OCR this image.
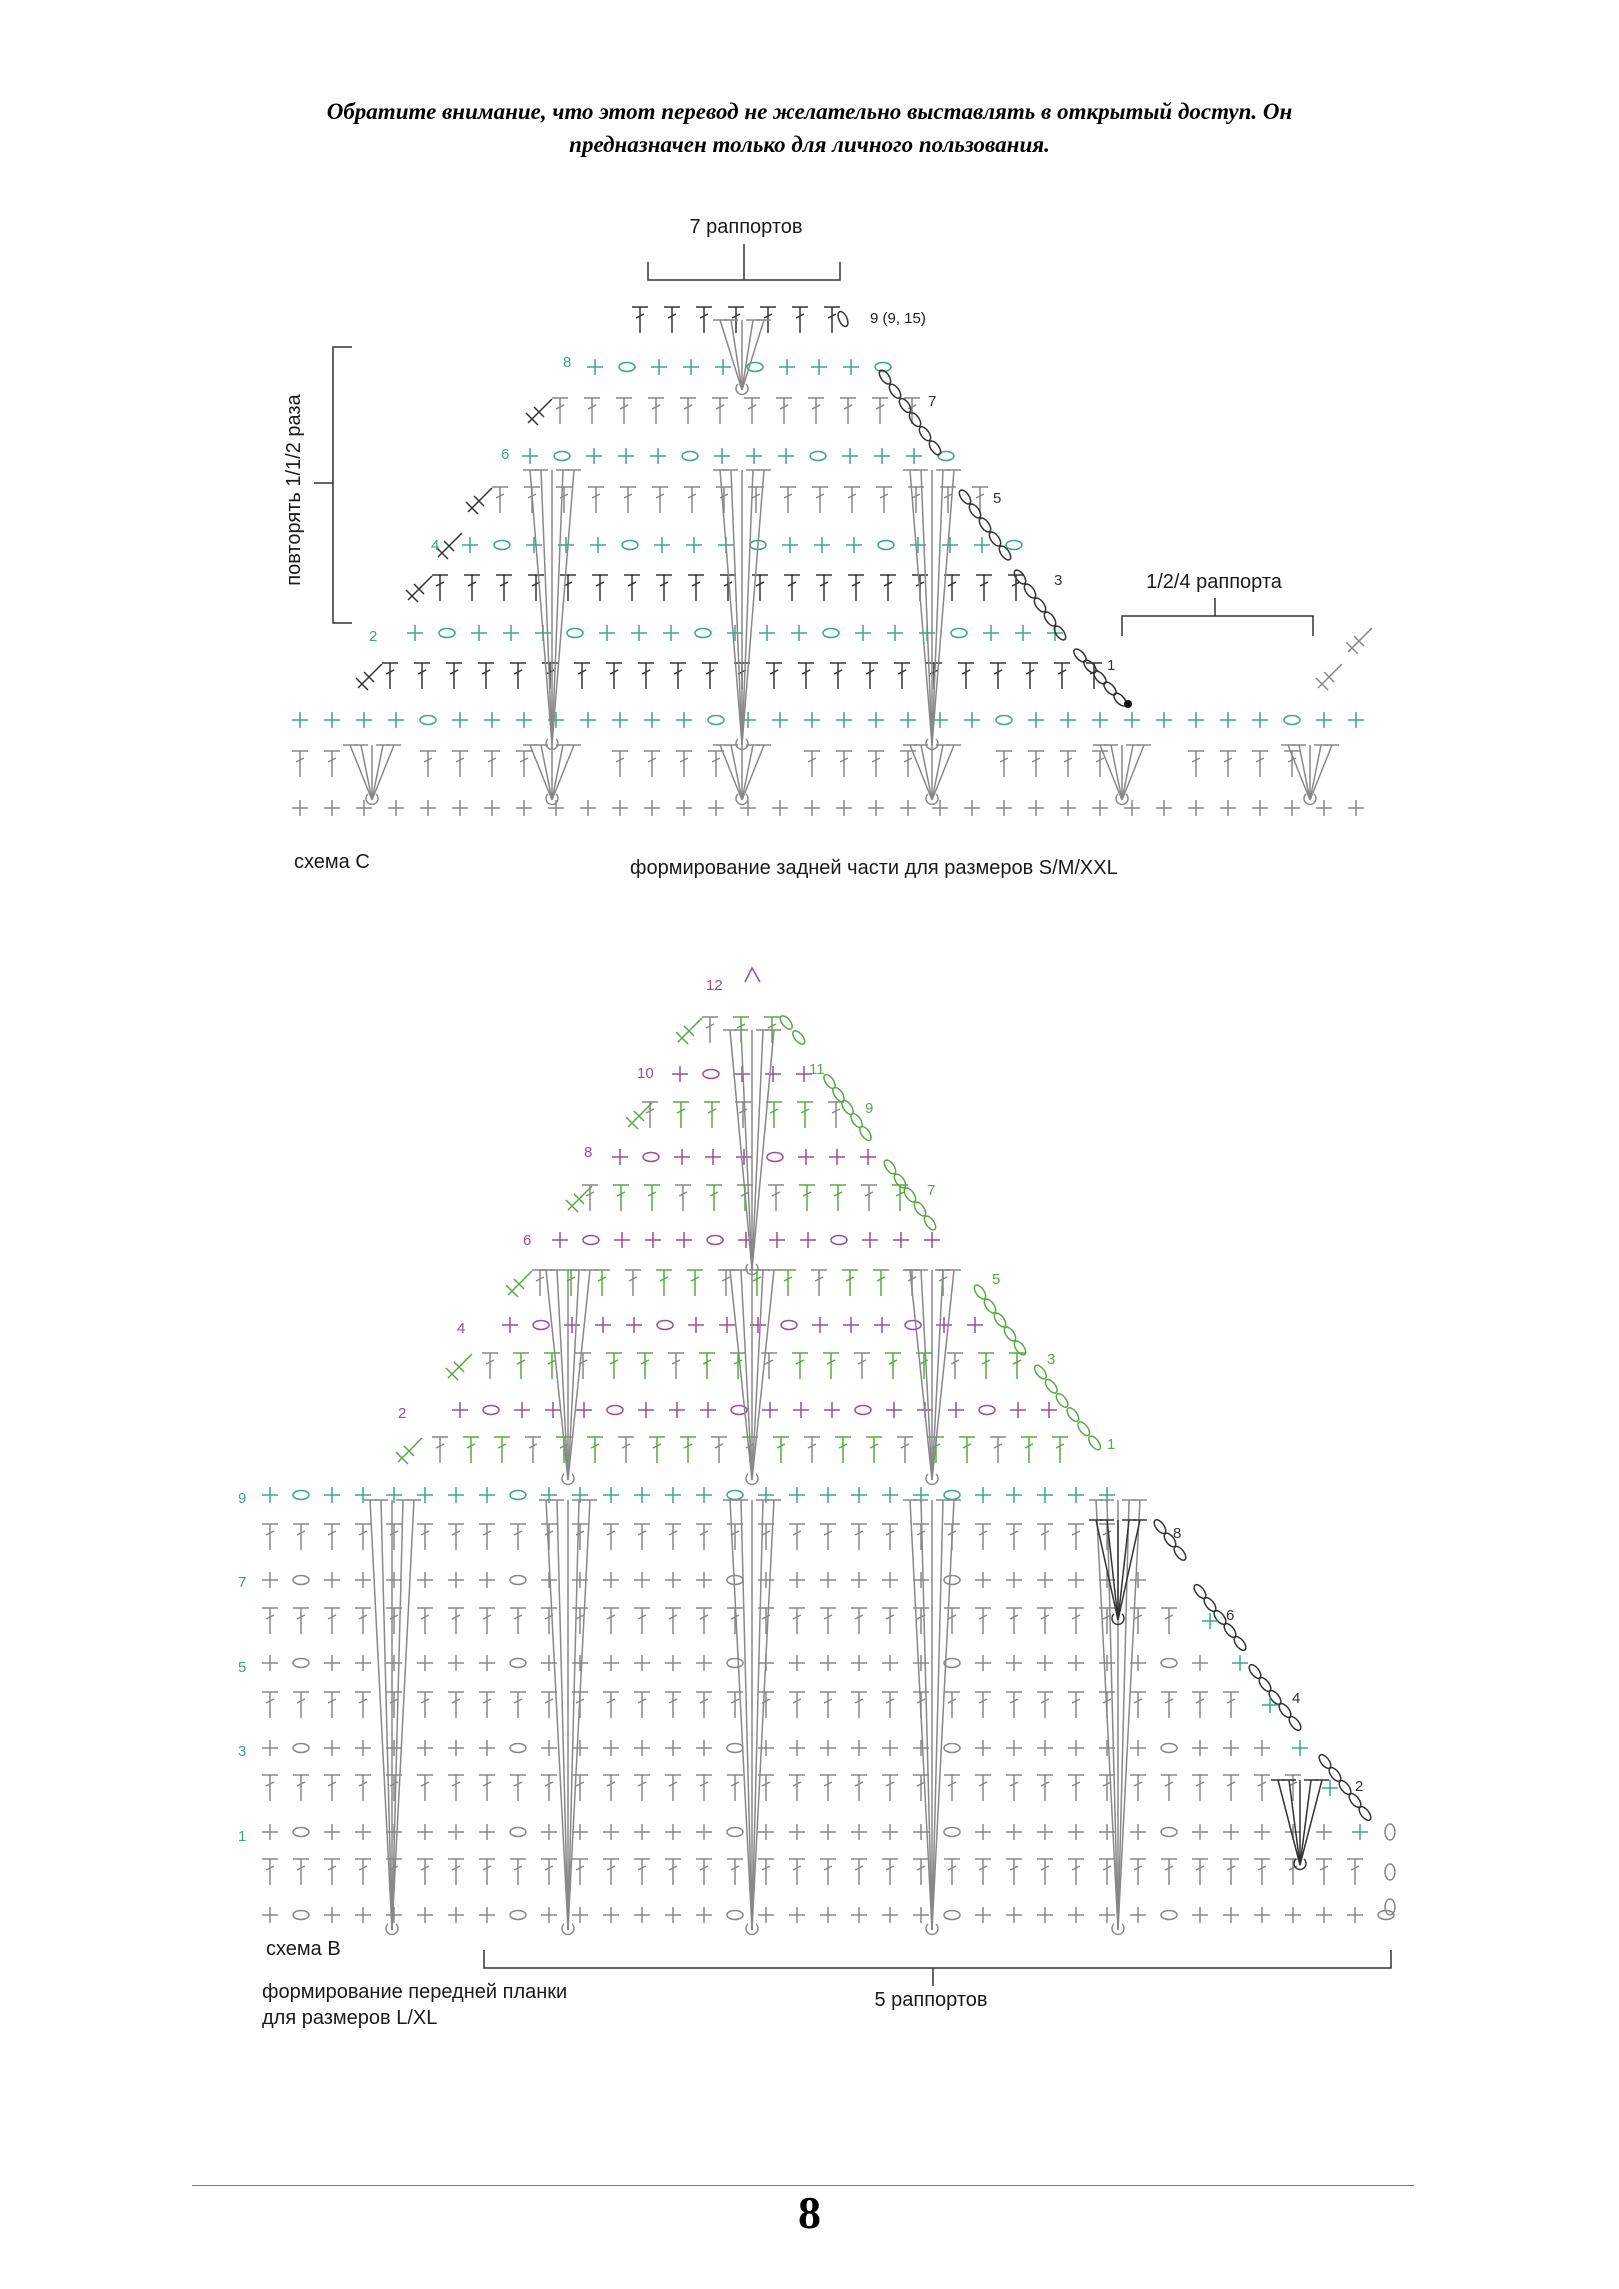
Обратите внимание, что этот перевод не желательно выставлять в открытый доступ. Он
предназначен только для личного пользования.
7 раппортов
повторять 1/1/2 раза	1/2/4 раппорта
9 (9, 15)
схема С	формирование задней части для размеров S/M/XXL
8
6
4
2
7
5
3
1
5 раппортов
схема В
формирование передней планки
для размеров L/XL
12
10
8
6
4
2
11
9
7
5
3
1
9
7
5
3
1
8
6
4
2
8
